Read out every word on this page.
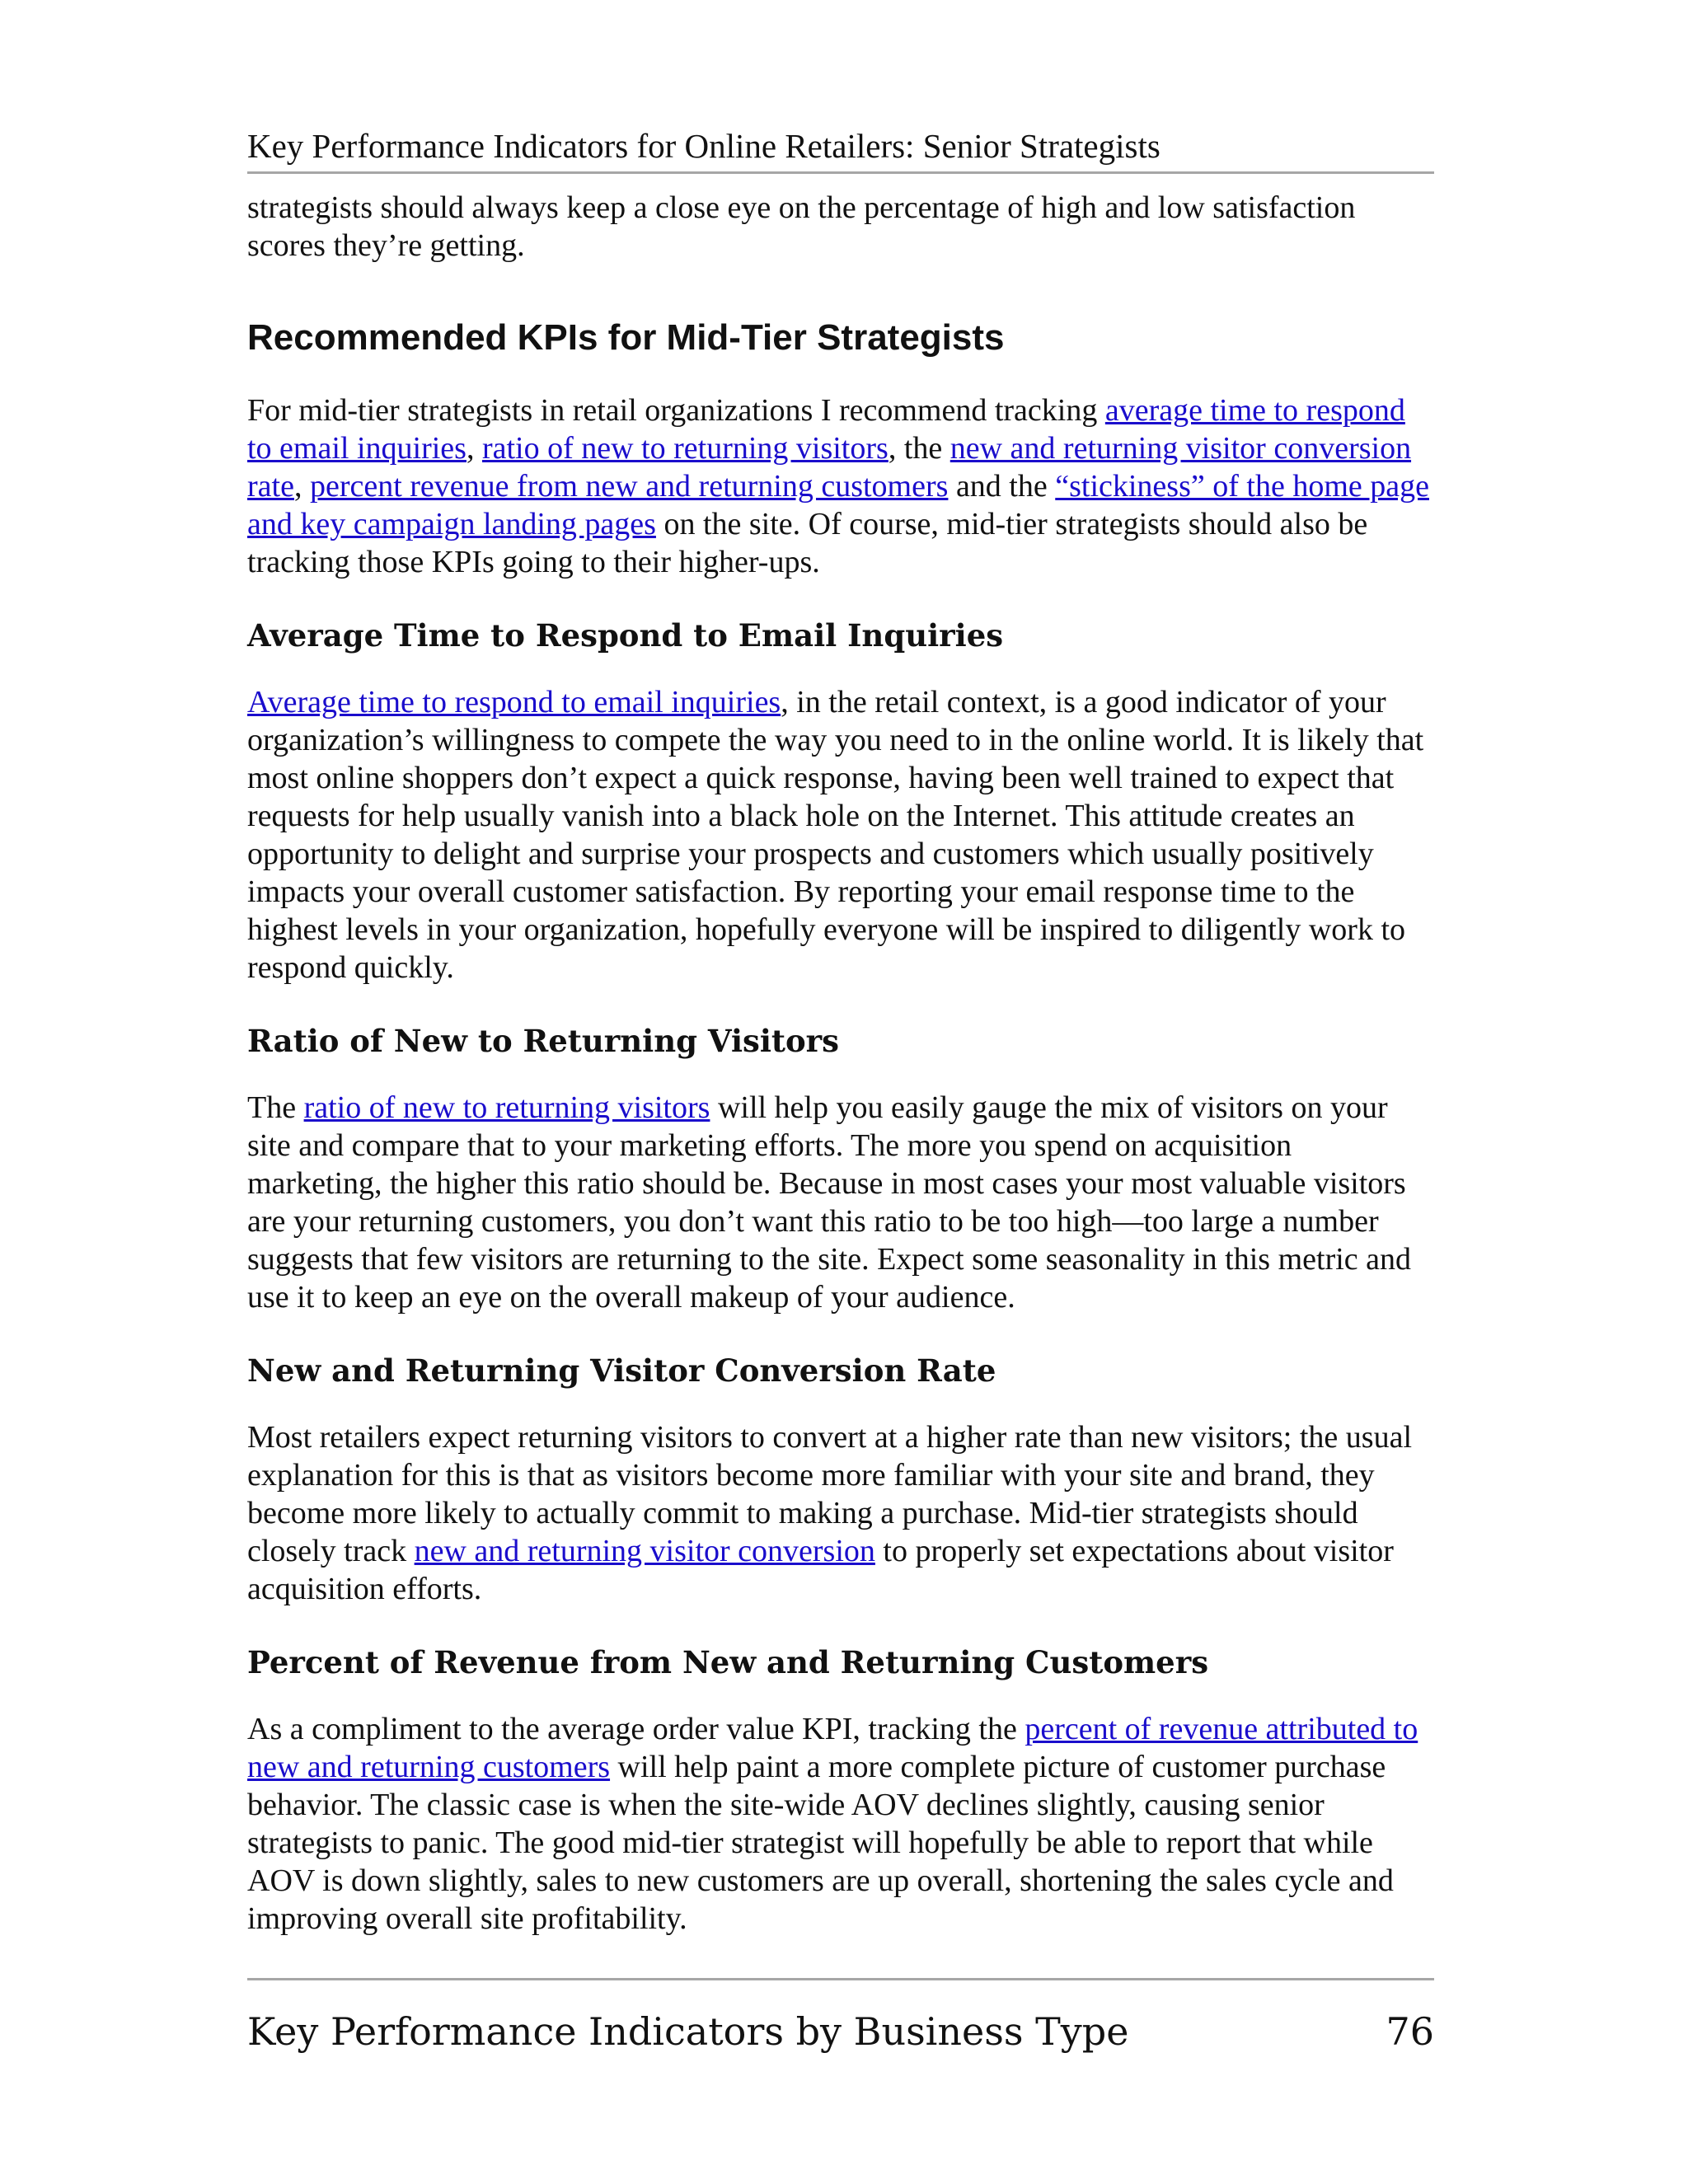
Key Performance Indicators for Online Retailers: Senior Strategists

strategists should always keep a close eye on the percentage of high and low satisfaction scores they’re getting.

Recommended KPIs for Mid-Tier Strategists

For mid-tier strategists in retail organizations I recommend tracking average time to respond to email inquiries, ratio of new to returning visitors, the new and returning visitor conversion rate, percent revenue from new and returning customers and the “stickiness” of the home page and key campaign landing pages on the site. Of course, mid-tier strategists should also be tracking those KPIs going to their higher-ups.

Average Time to Respond to Email Inquiries

Average time to respond to email inquiries, in the retail context, is a good indicator of your organization’s willingness to compete the way you need to in the online world. It is likely that most online shoppers don’t expect a quick response, having been well trained to expect that requests for help usually vanish into a black hole on the Internet. This attitude creates an opportunity to delight and surprise your prospects and customers which usually positively impacts your overall customer satisfaction. By reporting your email response time to the highest levels in your organization, hopefully everyone will be inspired to diligently work to respond quickly.

Ratio of New to Returning Visitors

The ratio of new to returning visitors will help you easily gauge the mix of visitors on your site and compare that to your marketing efforts. The more you spend on acquisition marketing, the higher this ratio should be. Because in most cases your most valuable visitors are your returning customers, you don’t want this ratio to be too high—too large a number suggests that few visitors are returning to the site. Expect some seasonality in this metric and use it to keep an eye on the overall makeup of your audience.

New and Returning Visitor Conversion Rate

Most retailers expect returning visitors to convert at a higher rate than new visitors; the usual explanation for this is that as visitors become more familiar with your site and brand, they become more likely to actually commit to making a purchase. Mid-tier strategists should closely track new and returning visitor conversion to properly set expectations about visitor acquisition efforts.

Percent of Revenue from New and Returning Customers

As a compliment to the average order value KPI, tracking the percent of revenue attributed to new and returning customers will help paint a more complete picture of customer purchase behavior. The classic case is when the site-wide AOV declines slightly, causing senior strategists to panic. The good mid-tier strategist will hopefully be able to report that while AOV is down slightly, sales to new customers are up overall, shortening the sales cycle and improving overall site profitability.

Key Performance Indicators by Business Type	76
